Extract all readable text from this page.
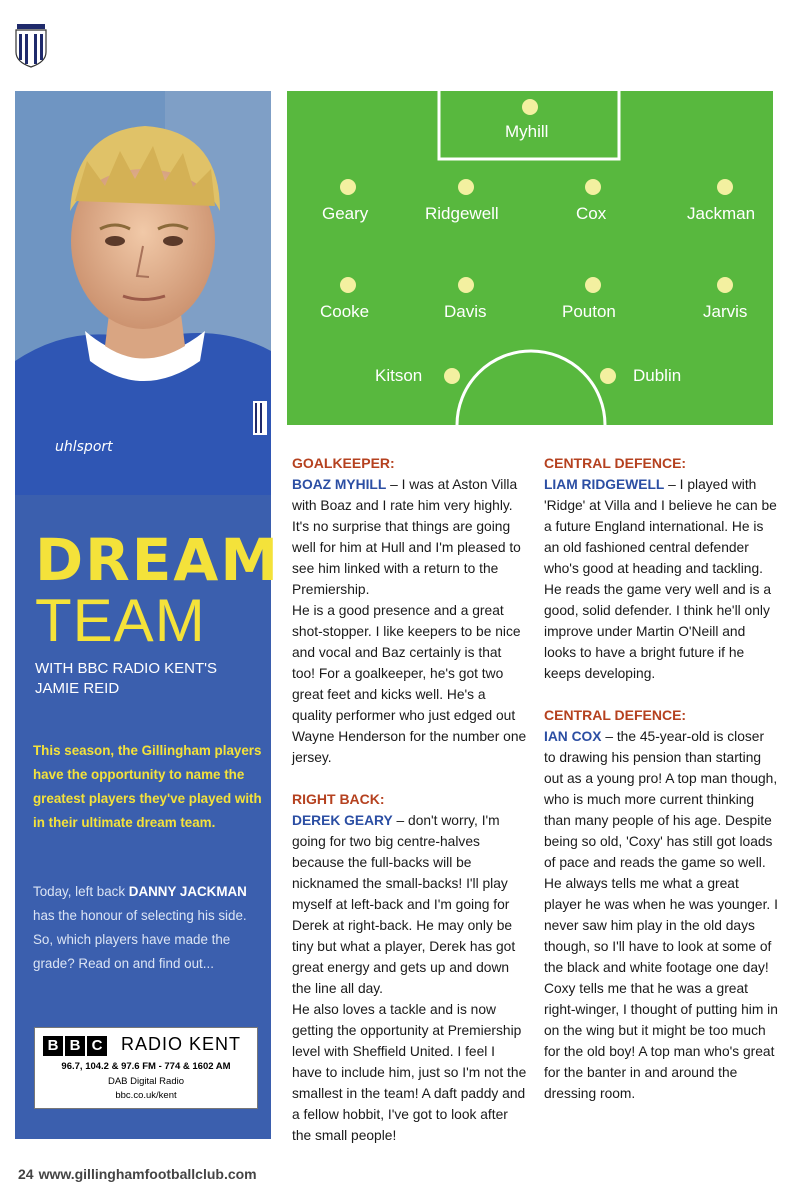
uhlsport
DREAM
TEAM
WITH BBC RADIO KENT'S
JAMIE REID
This season, the Gillingham players have the opportunity to name the greatest players they've played with in their ultimate dream team.
Today, left back DANNY JACKMAN has the honour of selecting his side. So, which players have made the grade? Read on and find out...
B B C RADIO KENT
96.7, 104.2 & 97.6 FM - 774 & 1602 AM
DAB Digital Radio
bbc.co.uk/kent
Myhill
Geary	Ridgewell	Cox	Jackman
Cooke	Davis	Pouton	Jarvis
Kitson	Dublin
GOALKEEPER:

BOAZ MYHILL – I was at Aston Villa with Boaz and I rate him very highly. It's no surprise that things are going well for him at Hull and I'm pleased to see him linked with a return to the Premiership.

He is a good presence and a great shot-stopper. I like keepers to be nice and vocal and Baz certainly is that too! For a goalkeeper, he's got two great feet and kicks well. He's a quality performer who just edged out Wayne Henderson for the number one jersey.

RIGHT BACK:

DEREK GEARY – don't worry, I'm going for two big centre-halves because the full-backs will be nicknamed the small-backs! I'll play myself at left-back and I'm going for Derek at right-back. He may only be tiny but what a player, Derek has got great energy and gets up and down the line all day.

He also loves a tackle and is now getting the opportunity at Premiership level with Sheffield United. I feel I have to include him, just so I'm not the smallest in the team! A daft paddy and a fellow hobbit, I've got to look after the small people!

CENTRAL DEFENCE:

LIAM RIDGEWELL – I played with 'Ridge' at Villa and I believe he can be a future England international. He is an old fashioned central defender who's good at heading and tackling.

He reads the game very well and is a good, solid defender. I think he'll only improve under Martin O'Neill and looks to have a bright future if he keeps developing.

CENTRAL DEFENCE:

IAN COX – the 45-year-old is closer to drawing his pension than starting out as a young pro! A top man though, who is much more current thinking than many people of his age. Despite being so old, 'Coxy' has still got loads of pace and reads the game so well. He always tells me what a great player he was when he was younger. I never saw him play in the old days though, so I'll have to look at some of the black and white footage one day!

Coxy tells me that he was a great right-winger, I thought of putting him in on the wing but it might be too much for the old boy! A top man who's great for the banter in and around the dressing room.

24 www.gillinghamfootballclub.com
